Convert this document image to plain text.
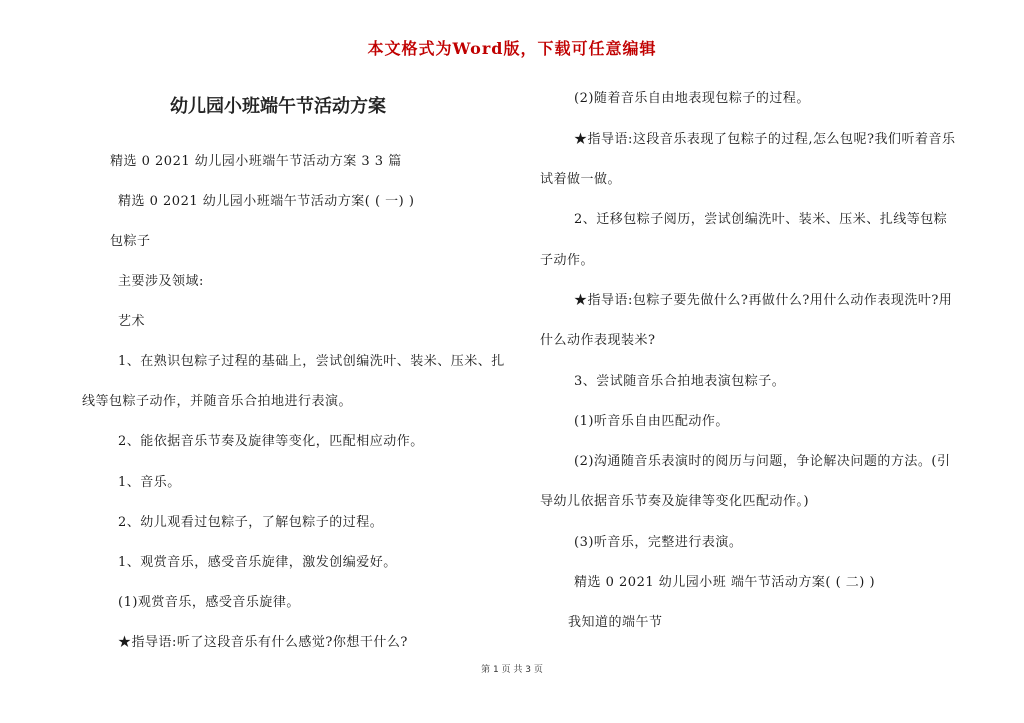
本文格式为Word版，下载可任意编辑
幼儿园小班端午节活动方案
精选 0 2021 幼儿园小班端午节活动方案 3 3 篇
精选 0 2021 幼儿园小班端午节活动方案( ( 一) )
包粽子
主要涉及领域:
艺术
1、在熟识包粽子过程的基础上，尝试创编洗叶、装米、压米、扎
线等包粽子动作，并随音乐合拍地进行表演。
2、能依据音乐节奏及旋律等变化，匹配相应动作。
1、音乐。
2、幼儿观看过包粽子，了解包粽子的过程。
1、观赏音乐，感受音乐旋律，激发创编爱好。
(1)观赏音乐，感受音乐旋律。
★指导语:听了这段音乐有什么感觉?你想干什么?
(2)随着音乐自由地表现包粽子的过程。
★指导语:这段音乐表现了包粽子的过程,怎么包呢?我们听着音乐
试着做一做。
2、迁移包粽子阅历，尝试创编洗叶、装米、压米、扎线等包粽
子动作。
★指导语:包粽子要先做什么?再做什么?用什么动作表现洗叶?用
什么动作表现装米?
3、尝试随音乐合拍地表演包粽子。
(1)听音乐自由匹配动作。
(2)沟通随音乐表演时的阅历与问题，争论解决问题的方法。(引
导幼儿依据音乐节奏及旋律等变化匹配动作。)
(3)听音乐，完整进行表演。
精选 0 2021 幼儿园小班 端午节活动方案( ( 二) )
我知道的端午节
第 1 页 共 3 页
